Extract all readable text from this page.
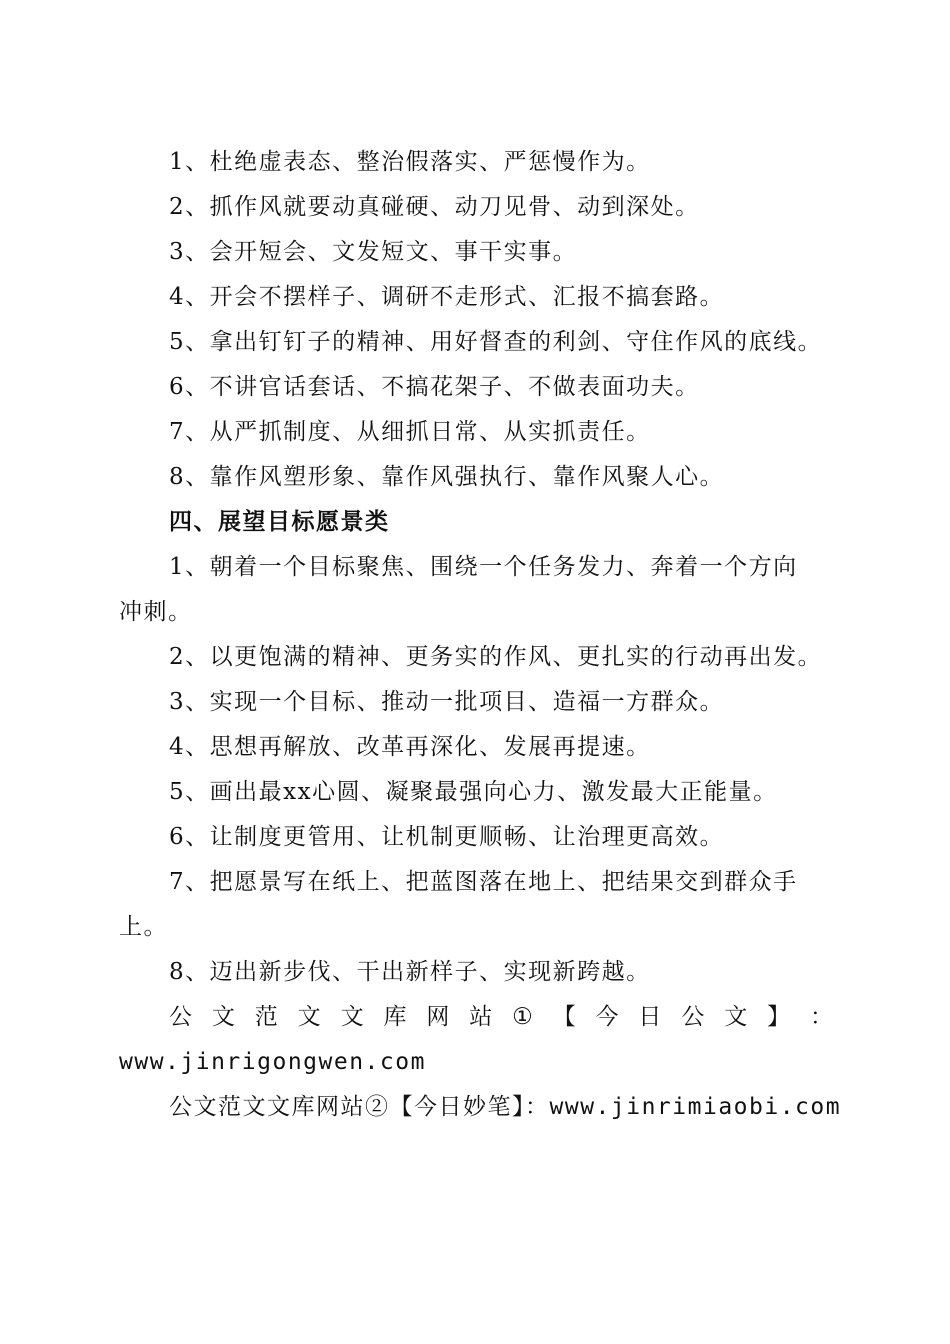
1、杜绝虚表态、整治假落实、严惩慢作为。

2、抓作风就要动真碰硬、动刀见骨、动到深处。

3、会开短会、文发短文、事干实事。

4、开会不摆样子、调研不走形式、汇报不搞套路。

5、拿出钉钉子的精神、用好督查的利剑、守住作风的底线。

6、不讲官话套话、不搞花架子、不做表面功夫。

7、从严抓制度、从细抓日常、从实抓责任。

8、靠作风塑形象、靠作风强执行、靠作风聚人心。

四、展望目标愿景类

1、朝着一个目标聚焦、围绕一个任务发力、奔着一个方向
冲刺。

2、以更饱满的精神、更务实的作风、更扎实的行动再出发。

3、实现一个目标、推动一批项目、造福一方群众。

4、思想再解放、改革再深化、发展再提速。

5、画出最xx心圆、凝聚最强向心力、激发最大正能量。

6、让制度更管用、让机制更顺畅、让治理更高效。

7、把愿景写在纸上、把蓝图落在地上、把结果交到群众手
上。

8、迈出新步伐、干出新样子、实现新跨越。

公 文 范 文 文 库 网 站 ① 【 今 日 公 文 】 ：

www.jinrigongwen.com

公文范文文库网站②【今日妙笔】：www.jinrimiaobi.com
